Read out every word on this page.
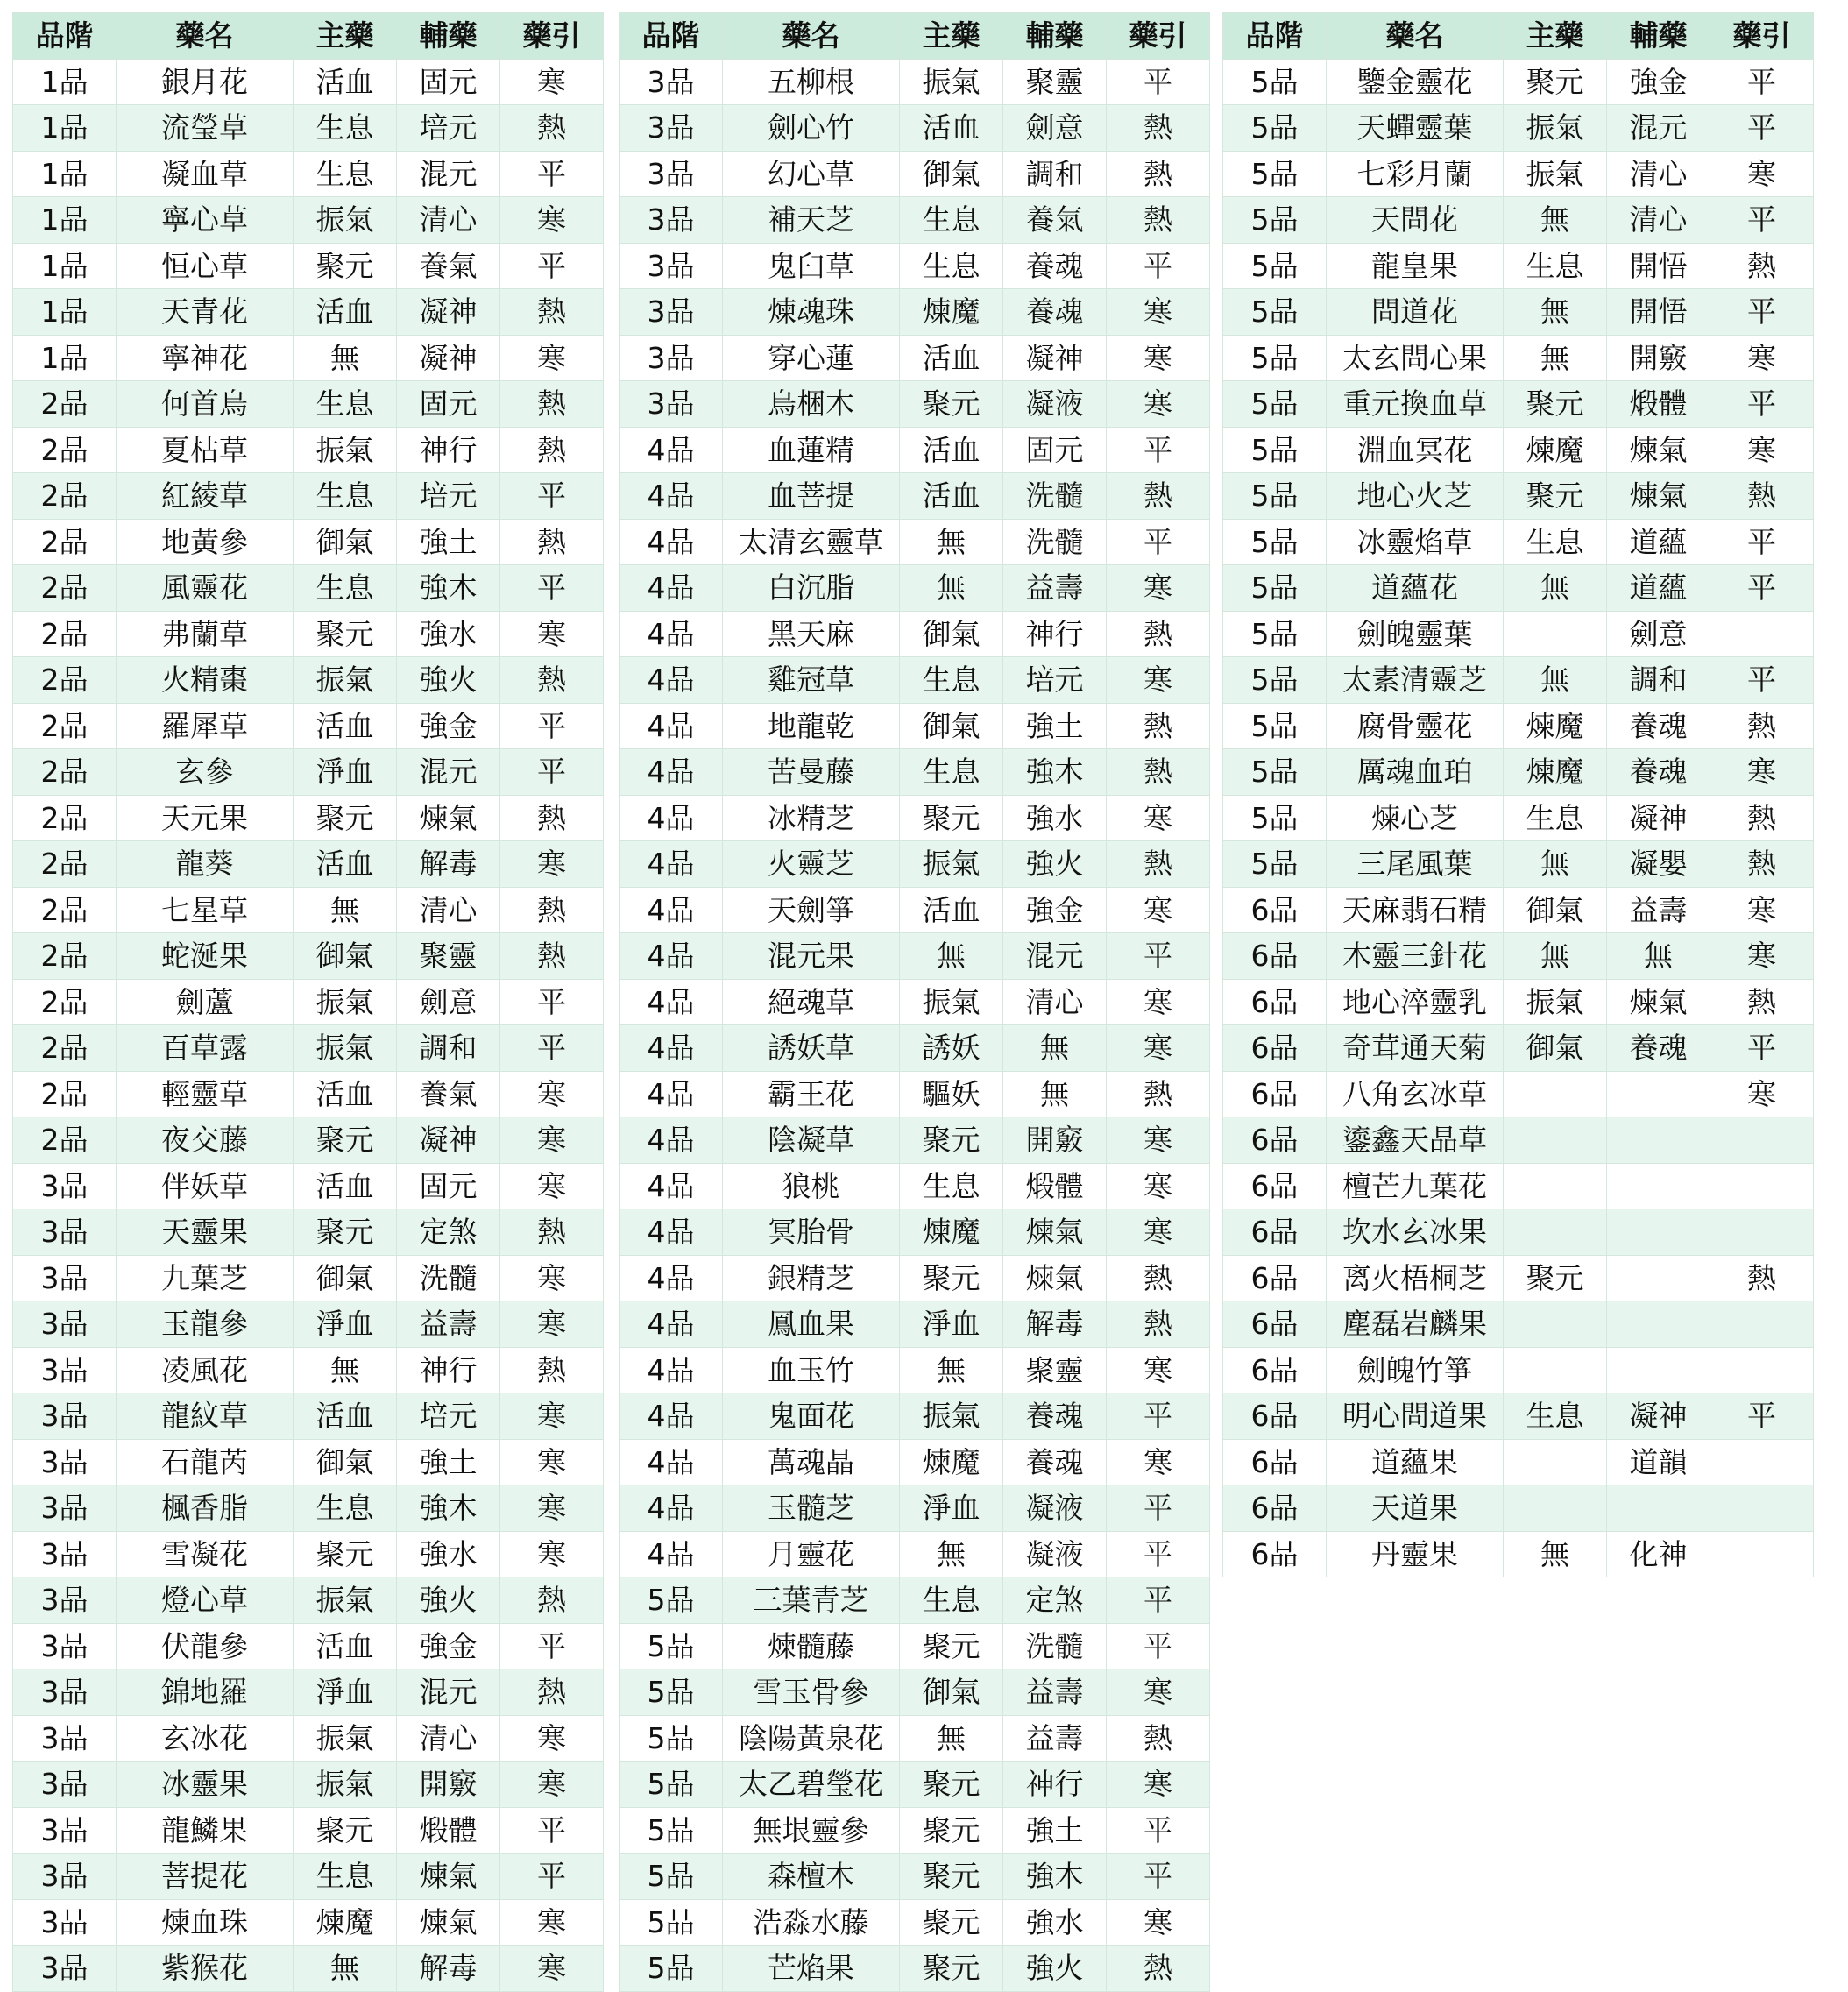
品階	藥名	主藥	輔藥	藥引
1品	銀月花	活血	固元	寒
1品	流瑩草	生息	培元	熱
1品	凝血草	生息	混元	平
1品	寧心草	振氣	清心	寒
1品	恒心草	聚元	養氣	平
1品	天青花	活血	凝神	熱
1品	寧神花	無	凝神	寒
2品	何首烏	生息	固元	熱
2品	夏枯草	振氣	神行	熱
2品	紅綾草	生息	培元	平
2品	地黃參	御氣	強土	熱
2品	風靈花	生息	強木	平
2品	弗蘭草	聚元	強水	寒
2品	火精棗	振氣	強火	熱
2品	羅犀草	活血	強金	平
2品	玄參	淨血	混元	平
2品	天元果	聚元	煉氣	熱
2品	龍葵	活血	解毒	寒
2品	七星草	無	清心	熱
2品	蛇涎果	御氣	聚靈	熱
2品	劍蘆	振氣	劍意	平
2品	百草露	振氣	調和	平
2品	輕靈草	活血	養氣	寒
2品	夜交藤	聚元	凝神	寒
3品	伴妖草	活血	固元	寒
3品	天靈果	聚元	定煞	熱
3品	九葉芝	御氣	洗髓	寒
3品	玉龍參	淨血	益壽	寒
3品	凌風花	無	神行	熱
3品	龍紋草	活血	培元	寒
3品	石龍芮	御氣	強土	寒
3品	楓香脂	生息	強木	寒
3品	雪凝花	聚元	強水	寒
3品	燈心草	振氣	強火	熱
3品	伏龍參	活血	強金	平
3品	錦地羅	淨血	混元	熱
3品	玄冰花	振氣	清心	寒
3品	冰靈果	振氣	開竅	寒
3品	龍鱗果	聚元	煅體	平
3品	菩提花	生息	煉氣	平
3品	煉血珠	煉魔	煉氣	寒
3品	紫猴花	無	解毒	寒
品階	藥名	主藥	輔藥	藥引
3品	五柳根	振氣	聚靈	平
3品	劍心竹	活血	劍意	熱
3品	幻心草	御氣	調和	熱
3品	補天芝	生息	養氣	熱
3品	鬼臼草	生息	養魂	平
3品	煉魂珠	煉魔	養魂	寒
3品	穿心蓮	活血	凝神	寒
3品	烏梱木	聚元	凝液	寒
4品	血蓮精	活血	固元	平
4品	血菩提	活血	洗髓	熱
4品	太清玄靈草	無	洗髓	平
4品	白沉脂	無	益壽	寒
4品	黑天麻	御氣	神行	熱
4品	雞冠草	生息	培元	寒
4品	地龍乾	御氣	強土	熱
4品	苦曼藤	生息	強木	熱
4品	冰精芝	聚元	強水	寒
4品	火靈芝	振氣	強火	熱
4品	天劍箏	活血	強金	寒
4品	混元果	無	混元	平
4品	絕魂草	振氣	清心	寒
4品	誘妖草	誘妖	無	寒
4品	霸王花	驅妖	無	熱
4品	陰凝草	聚元	開竅	寒
4品	狼桃	生息	煅體	寒
4品	冥胎骨	煉魔	煉氣	寒
4品	銀精芝	聚元	煉氣	熱
4品	鳳血果	淨血	解毒	熱
4品	血玉竹	無	聚靈	寒
4品	鬼面花	振氣	養魂	平
4品	萬魂晶	煉魔	養魂	寒
4品	玉髓芝	淨血	凝液	平
4品	月靈花	無	凝液	平
5品	三葉青芝	生息	定煞	平
5品	煉髓藤	聚元	洗髓	平
5品	雪玉骨參	御氣	益壽	寒
5品	陰陽黃泉花	無	益壽	熱
5品	太乙碧瑩花	聚元	神行	寒
5品	無垠靈參	聚元	強土	平
5品	森檀木	聚元	強木	平
5品	浩淼水藤	聚元	強水	寒
5品	芒焰果	聚元	強火	熱
品階	藥名	主藥	輔藥	藥引
5品	鑒金靈花	聚元	強金	平
5品	天蟬靈葉	振氣	混元	平
5品	七彩月蘭	振氣	清心	寒
5品	天問花	無	清心	平
5品	龍皇果	生息	開悟	熱
5品	問道花	無	開悟	平
5品	太玄問心果	無	開竅	寒
5品	重元換血草	聚元	煅體	平
5品	淵血冥花	煉魔	煉氣	寒
5品	地心火芝	聚元	煉氣	熱
5品	冰靈焰草	生息	道蘊	平
5品	道蘊花	無	道蘊	平
5品	劍魄靈葉		劍意	
5品	太素清靈芝	無	調和	平
5品	腐骨靈花	煉魔	養魂	熱
5品	厲魂血珀	煉魔	養魂	寒
5品	煉心芝	生息	凝神	熱
5品	三尾風葉	無	凝嬰	熱
6品	天麻翡石精	御氣	益壽	寒
6品	木靈三針花	無	無	寒
6品	地心淬靈乳	振氣	煉氣	熱
6品	奇茸通天菊	御氣	養魂	平
6品	八角玄冰草			寒
6品	鎏鑫天晶草			
6品	檀芒九葉花			
6品	坎水玄冰果			
6品	离火梧桐芝	聚元		熱
6品	塵磊岩麟果			
6品	劍魄竹箏			
6品	明心問道果	生息	凝神	平
6品	道蘊果		道韻	
6品	天道果			
6品	丹靈果	無	化神	
